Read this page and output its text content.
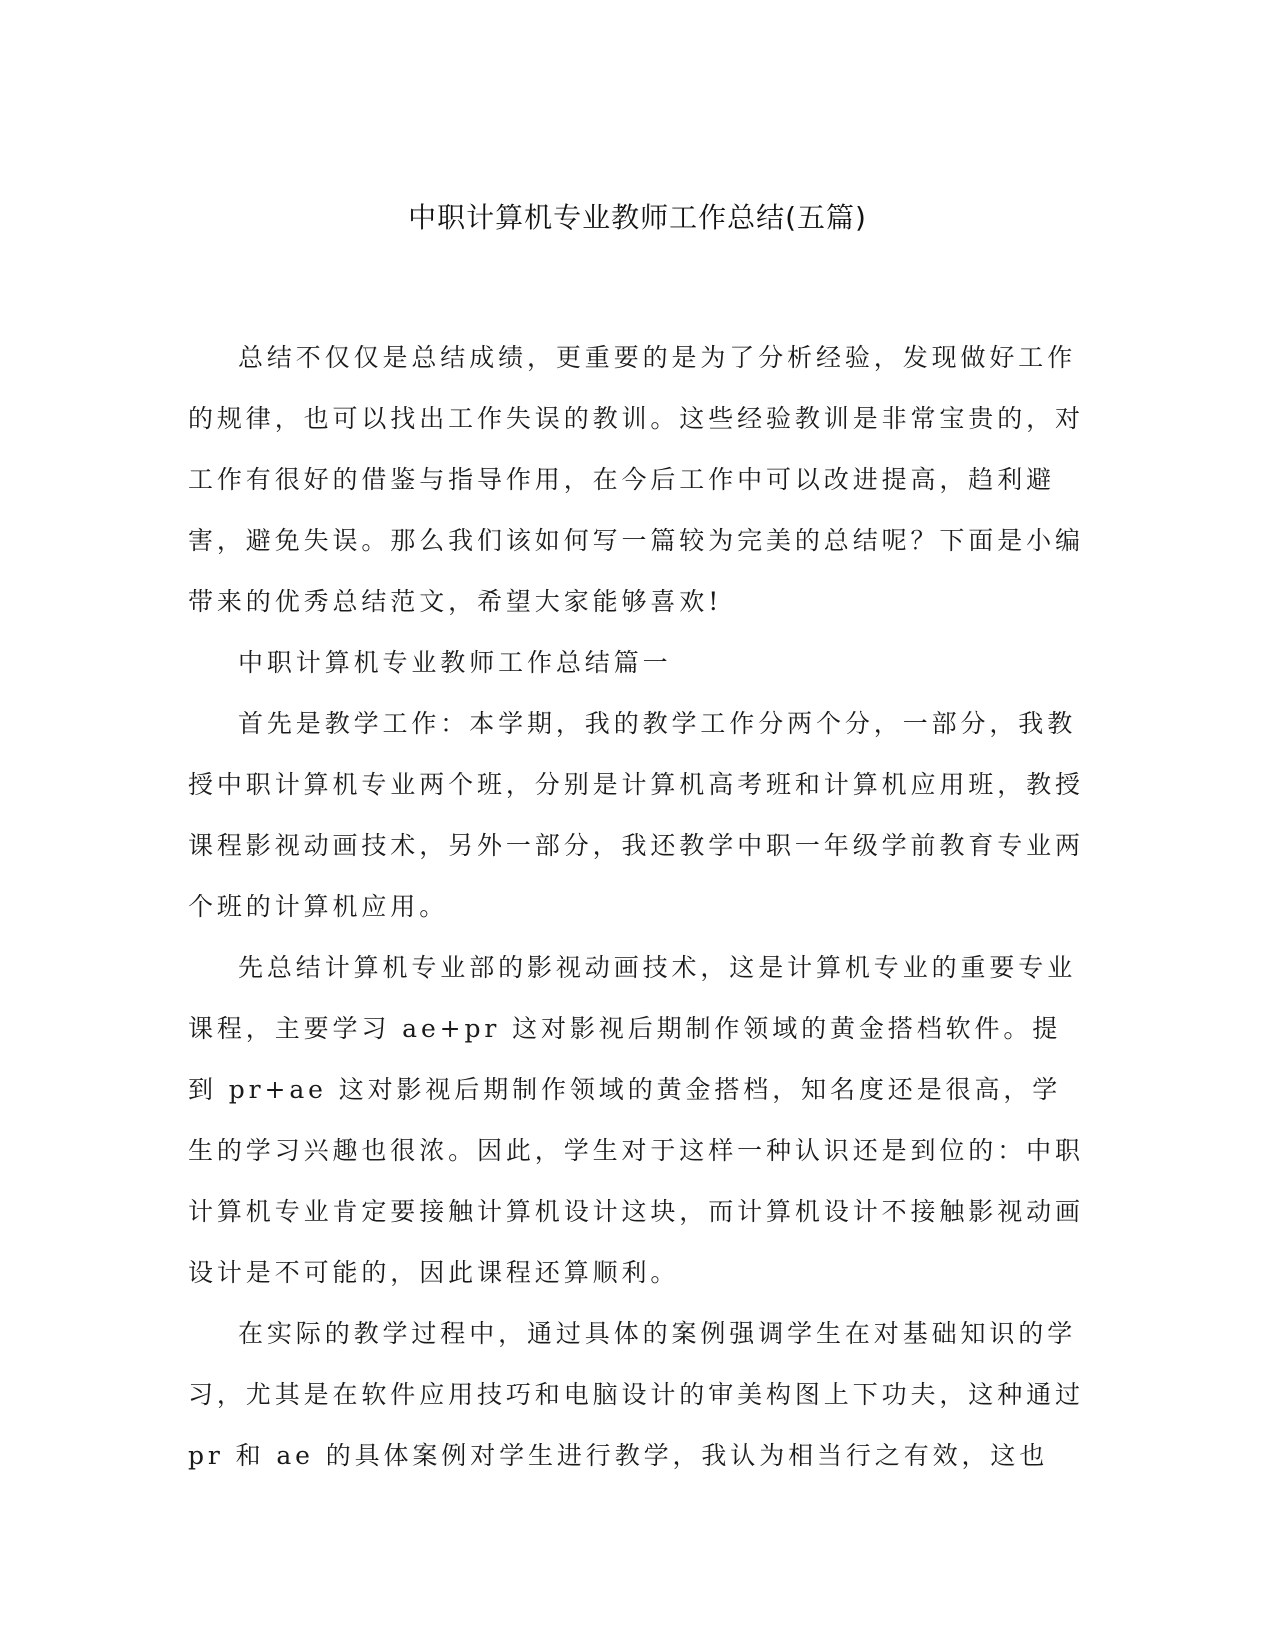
中职计算机专业教师工作总结(五篇)

总结不仅仅是总结成绩，更重要的是为了分析经验，发现做好工作的规律，也可以找出工作失误的教训。这些经验教训是非常宝贵的，对工作有很好的借鉴与指导作用，在今后工作中可以改进提高，趋利避害，避免失误。那么我们该如何写一篇较为完美的总结呢？下面是小编带来的优秀总结范文，希望大家能够喜欢!

中职计算机专业教师工作总结篇一

首先是教学工作：本学期，我的教学工作分两个分，一部分，我教授中职计算机专业两个班，分别是计算机高考班和计算机应用班，教授课程影视动画技术，另外一部分，我还教学中职一年级学前教育专业两个班的计算机应用。

先总结计算机专业部的影视动画技术，这是计算机专业的重要专业课程，主要学习 ae+pr 这对影视后期制作领域的黄金搭档软件。提到 pr+ae 这对影视后期制作领域的黄金搭档，知名度还是很高，学生的学习兴趣也很浓。因此，学生对于这样一种认识还是到位的：中职计算机专业肯定要接触计算机设计这块，而计算机设计不接触影视动画设计是不可能的，因此课程还算顺利。

在实际的教学过程中，通过具体的案例强调学生在对基础知识的学习，尤其是在软件应用技巧和电脑设计的审美构图上下功夫，这种通过 pr 和 ae 的具体案例对学生进行教学，我认为相当行之有效，这也
